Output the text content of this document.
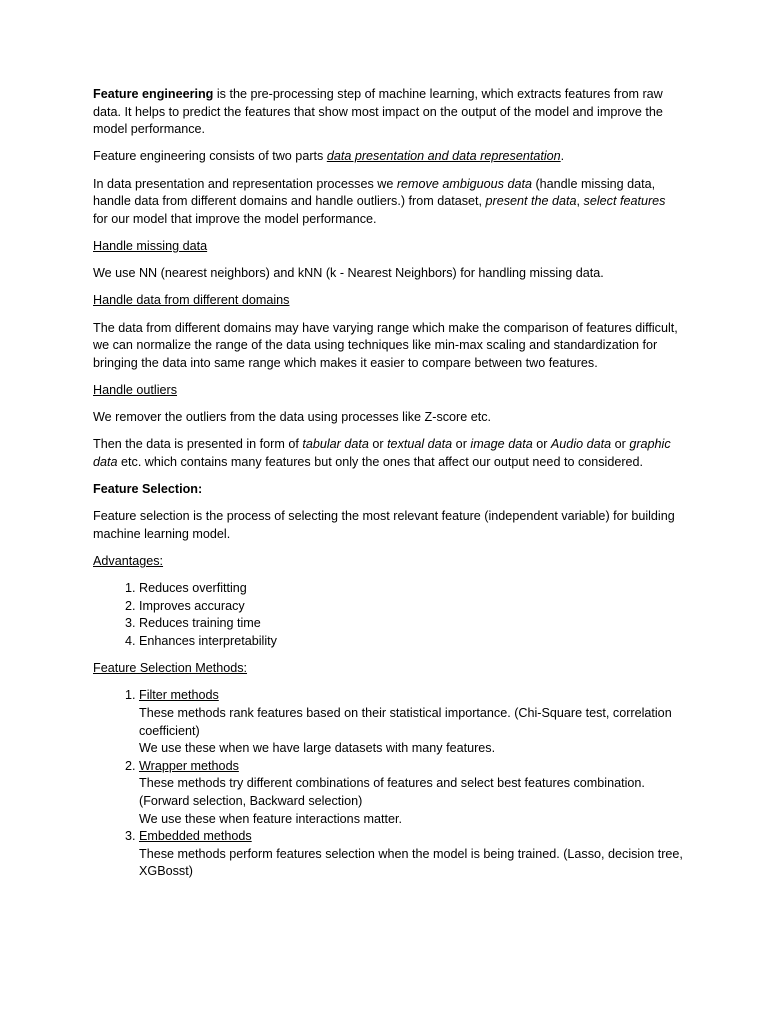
Feature engineering is the pre-processing step of machine learning, which extracts features from raw data. It helps to predict the features that show most impact on the output of the model and improve the model performance.

Feature engineering consists of two parts data presentation and data representation.

In data presentation and representation processes we remove ambiguous data (handle missing data, handle data from different domains and handle outliers.) from dataset, present the data, select features for our model that improve the model performance.

Handle missing data

We use NN (nearest neighbors) and kNN (k - Nearest Neighbors) for handling missing data.

Handle data from different domains

The data from different domains may have varying range which make the comparison of features difficult, we can normalize the range of the data using techniques like min-max scaling and standardization for bringing the data into same range which makes it easier to compare between two features.

Handle outliers

We remover the outliers from the data using processes like Z-score etc.

Then the data is presented in form of tabular data or textual data or image data or Audio data or graphic data etc. which contains many features but only the ones that affect our output need to considered.

Feature Selection:

Feature selection is the process of selecting the most relevant feature (independent variable) for building machine learning model.

Advantages:

1. Reduces overfitting
2. Improves accuracy
3. Reduces training time
4. Enhances interpretability

Feature Selection Methods:

1. Filter methods
These methods rank features based on their statistical importance. (Chi-Square test, correlation coefficient)
We use these when we have large datasets with many features.
2. Wrapper methods
These methods try different combinations of features and select best features combination. (Forward selection, Backward selection)
We use these when feature interactions matter.
3. Embedded methods
These methods perform features selection when the model is being trained. (Lasso, decision tree, XGBosst)
